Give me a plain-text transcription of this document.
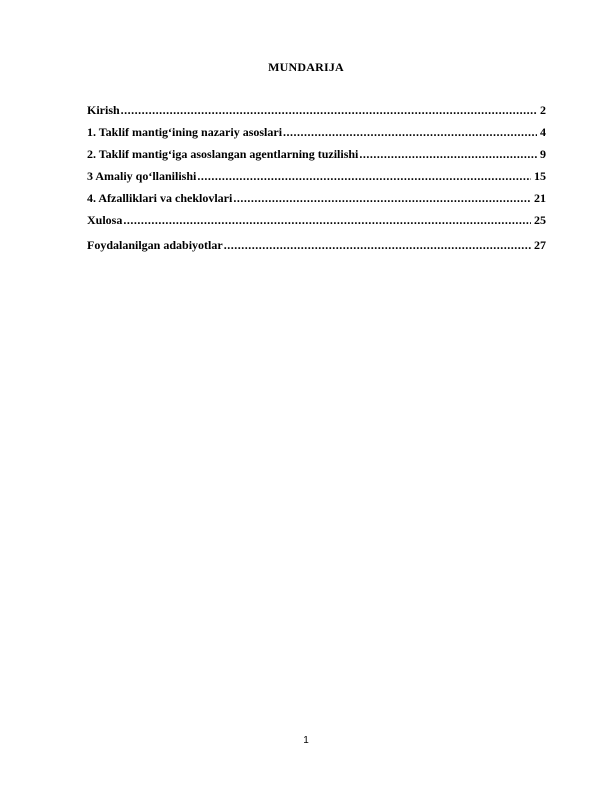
MUNDARIJA
Kirish .....	2
1. Taklif mantig‘ining nazariy asoslari .....	4
2. Taklif mantig‘iga asoslangan agentlarning tuzilishi .....	9
3 Amaliy qo‘llanilishi .....	15
4. Afzalliklari va cheklovlari .....	21
Xulosa .....	25
Foydalanilgan adabiyotlar .....	27
1
